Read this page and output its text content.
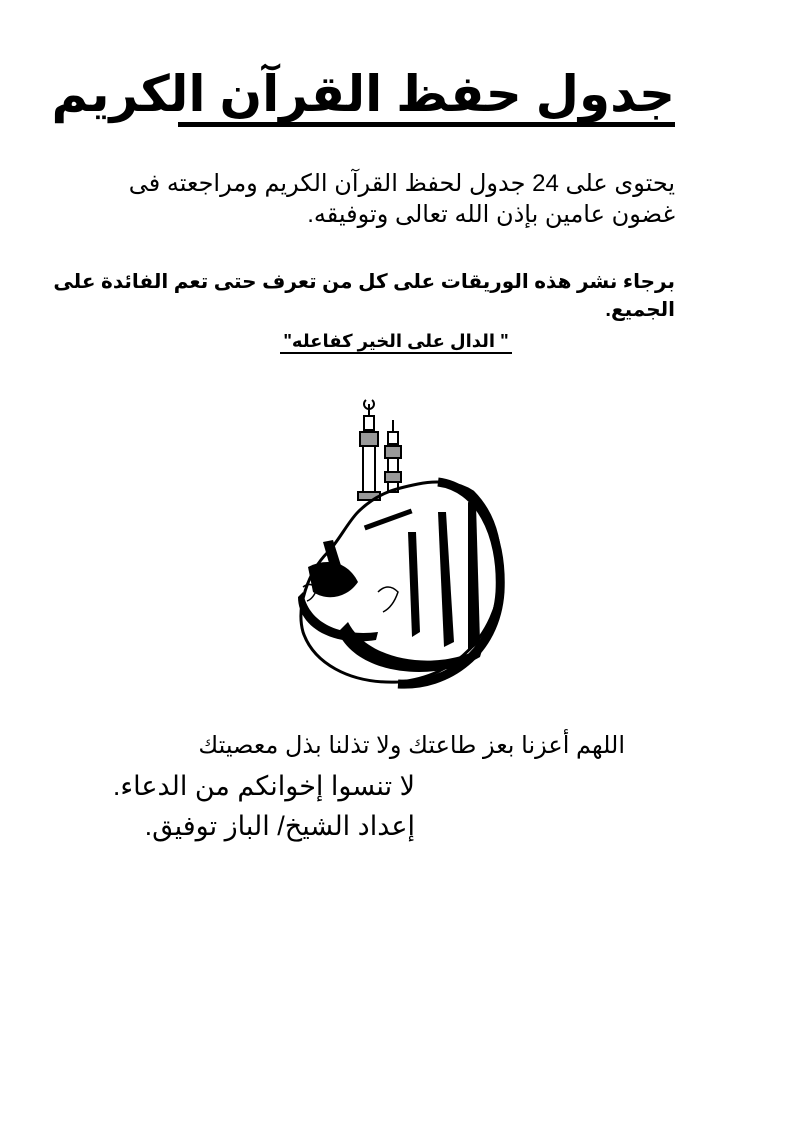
جدول حفظ القرآن الكريم
يحتوى على 24 جدول لحفظ القرآن الكريم ومراجعته فى
غضون عامين بإذن الله تعالى وتوفيقه.
برجاء نشر هذه الوريقات على كل من تعرف حتى تعم الفائدة على
الجميع.
" الدال على الخير كفاعله"
اللهم أعزنا بعز طاعتك ولا تذلنا بذل معصيتك
لا تنسوا إخوانكم من الدعاء.
إعداد الشيخ/ الباز توفيق.
